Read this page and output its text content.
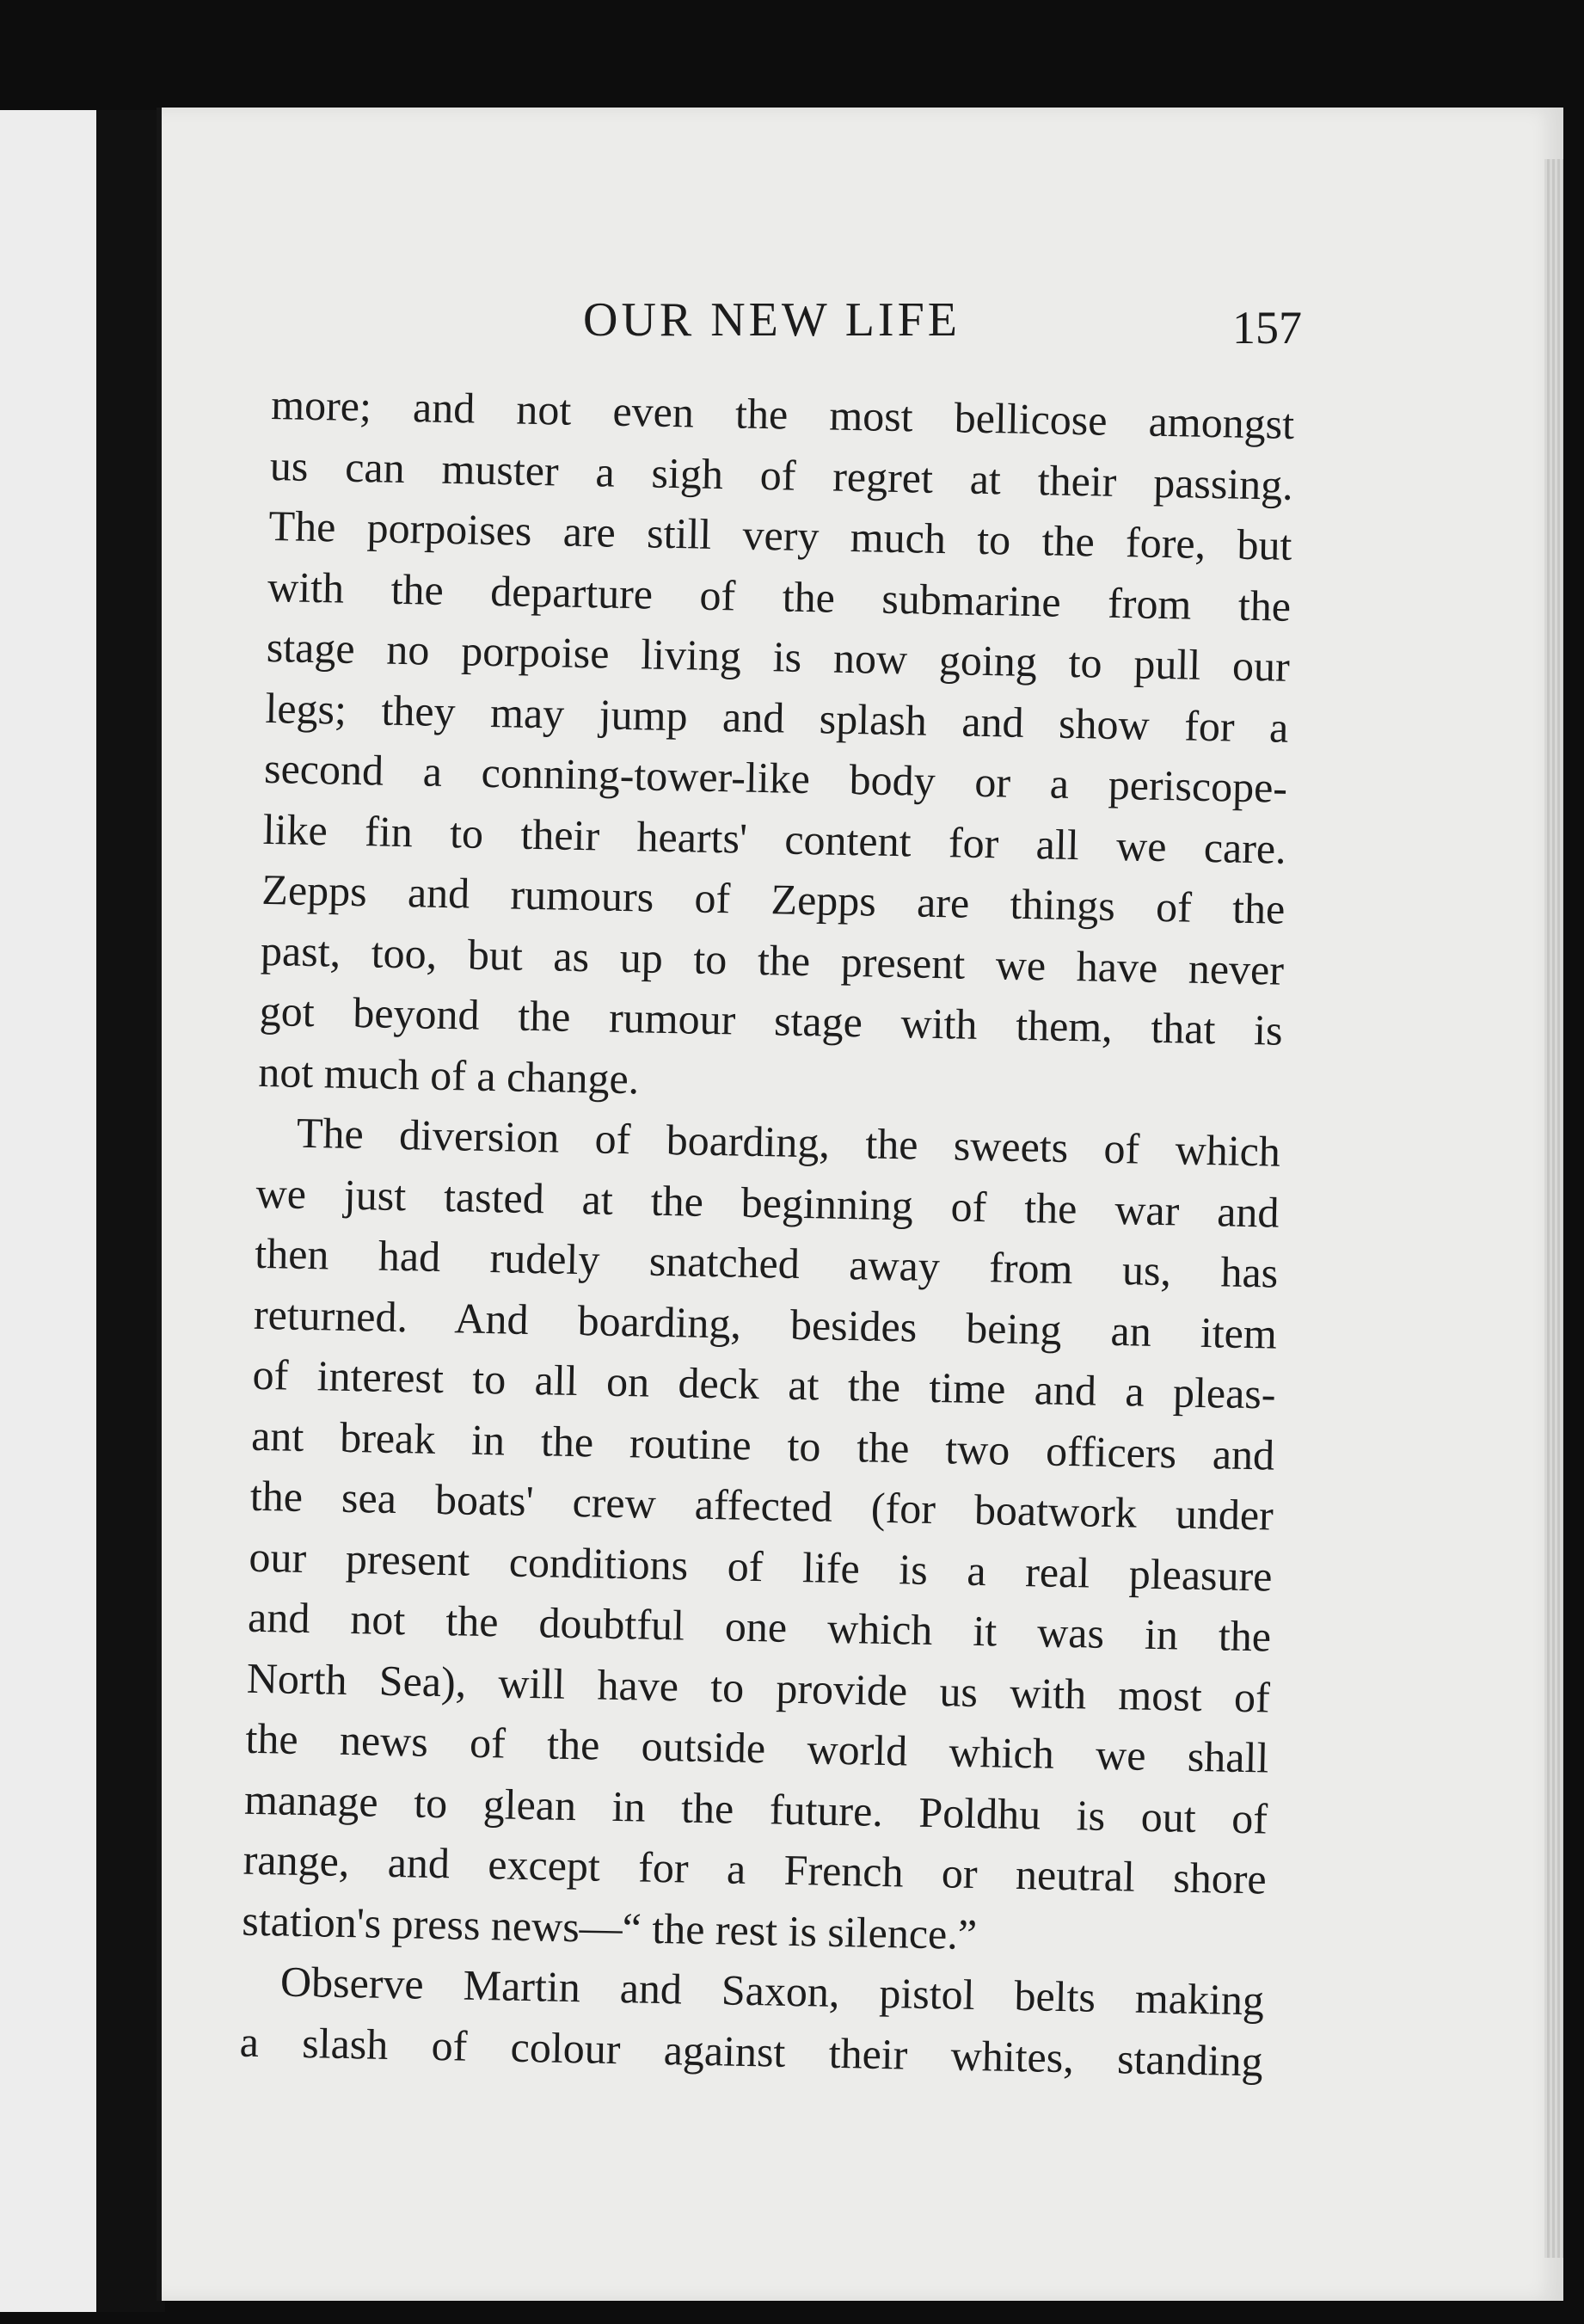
OUR NEW LIFE	157
more; and not even the most bellicose amongst
us can muster a sigh of regret at their passing.
The porpoises are still very much to the fore, but
with the departure of the submarine from the
stage no porpoise living is now going to pull our
legs; they may jump and splash and show for a
second a conning-tower-like body or a periscope-
like fin to their hearts' content for all we care.
Zepps and rumours of Zepps are things of the
past, too, but as up to the present we have never
got beyond the rumour stage with them, that is
not much of a change.
The diversion of boarding, the sweets of which
we just tasted at the beginning of the war and
then had rudely snatched away from us, has
returned. And boarding, besides being an item
of interest to all on deck at the time and a pleas-
ant break in the routine to the two officers and
the sea boats' crew affected (for boatwork under
our present conditions of life is a real pleasure
and not the doubtful one which it was in the
North Sea), will have to provide us with most of
the news of the outside world which we shall
manage to glean in the future. Poldhu is out of
range, and except for a French or neutral shore
station's press news—“ the rest is silence.”
Observe Martin and Saxon, pistol belts making
a slash of colour against their whites, standing
